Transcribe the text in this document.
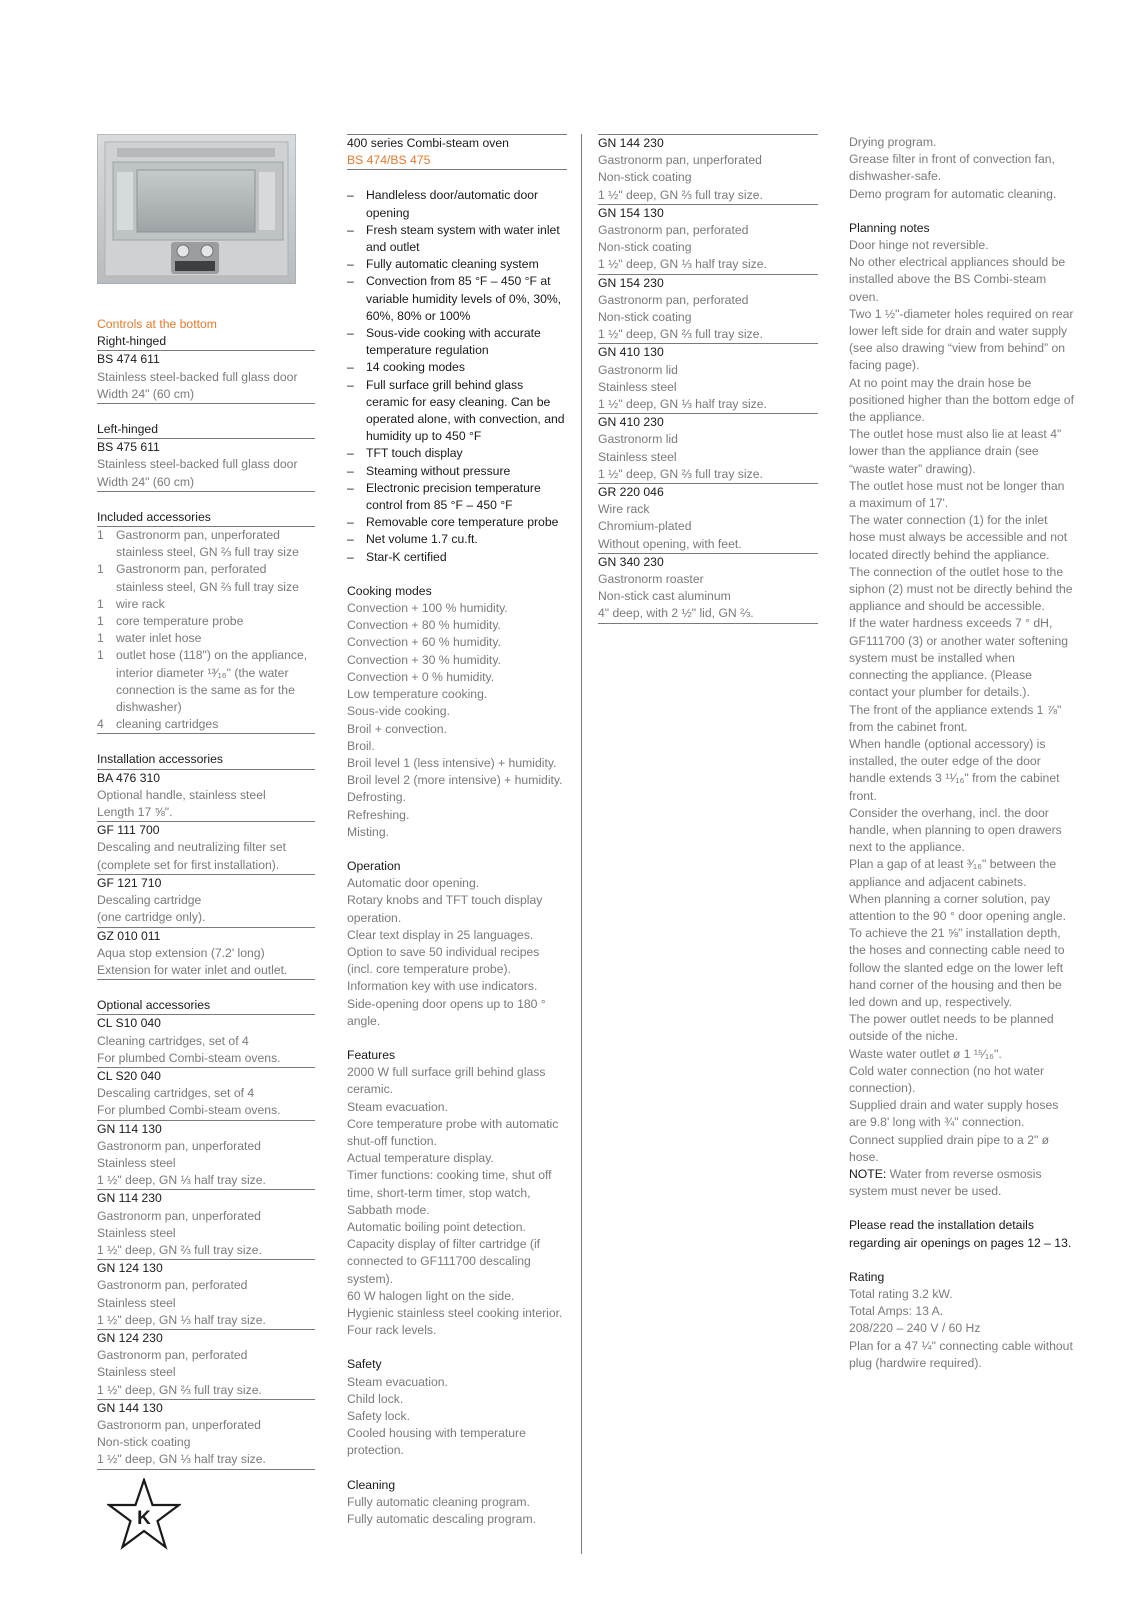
Controls at the bottom
Right-hinged
BS 474 611
Stainless steel-backed full glass door
Width 24" (60 cm)
Left-hinged
BS 475 611
Stainless steel-backed full glass door
Width 24" (60 cm)
Included accessories
1 Gastronorm pan, unperforated stainless steel, GN ⅔ full tray size
1 Gastronorm pan, perforated stainless steel, GN ⅔ full tray size
1 wire rack
1 core temperature probe
1 water inlet hose
1 outlet hose (118") on the appliance, interior diameter ¹³⁄₁₆" (the water connection is the same as for the dishwasher)
4 cleaning cartridges
Installation accessories
BA 476 310
Optional handle, stainless steel
Length 17 ⅝".
GF 111 700
Descaling and neutralizing filter set
(complete set for first installation).
GF 121 710
Descaling cartridge
(one cartridge only).
GZ 010 011
Aqua stop extension (7.2' long)
Extension for water inlet and outlet.
Optional accessories
CL S10 040
Cleaning cartridges, set of 4
For plumbed Combi-steam ovens.
CL S20 040
Descaling cartridges, set of 4
For plumbed Combi-steam ovens.
GN 114 130
Gastronorm pan, unperforated
Stainless steel
1 ½" deep, GN ⅓ half tray size.
GN 114 230
Gastronorm pan, unperforated
Stainless steel
1 ½" deep, GN ⅔ full tray size.
GN 124 130
Gastronorm pan, perforated
Stainless steel
1 ½" deep, GN ⅓ half tray size.
GN 124 230
Gastronorm pan, perforated
Stainless steel
1 ½" deep, GN ⅔ full tray size.
GN 144 130
Gastronorm pan, unperforated
Non-stick coating
1 ½" deep, GN ⅓ half tray size.
K
400 series Combi-steam oven
BS 474/BS 475
– Handleless door/automatic door opening
– Fresh steam system with water inlet and outlet
– Fully automatic cleaning system
– Convection from 85 °F – 450 °F at variable humidity levels of 0%, 30%, 60%, 80% or 100%
– Sous-vide cooking with accurate temperature regulation
– 14 cooking modes
– Full surface grill behind glass ceramic for easy cleaning. Can be operated alone, with convection, and humidity up to 450 °F
– TFT touch display
– Steaming without pressure
– Electronic precision temperature control from 85 °F – 450 °F
– Removable core temperature probe
– Net volume 1.7 cu.ft.
– Star-K certified
Cooking modes
Convection + 100 % humidity.
Convection + 80 % humidity.
Convection + 60 % humidity.
Convection + 30 % humidity.
Convection + 0 % humidity.
Low temperature cooking.
Sous-vide cooking.
Broil + convection.
Broil.
Broil level 1 (less intensive) + humidity.
Broil level 2 (more intensive) + humidity.
Defrosting.
Refreshing.
Misting.
Operation
Automatic door opening.
Rotary knobs and TFT touch display operation.
Clear text display in 25 languages.
Option to save 50 individual recipes (incl. core temperature probe).
Information key with use indicators.
Side-opening door opens up to 180 ° angle.
Features
2000 W full surface grill behind glass ceramic.
Steam evacuation.
Core temperature probe with automatic shut-off function.
Actual temperature display.
Timer functions: cooking time, shut off time, short-term timer, stop watch, Sabbath mode.
Automatic boiling point detection.
Capacity display of filter cartridge (if connected to GF111700 descaling system).
60 W halogen light on the side.
Hygienic stainless steel cooking interior.
Four rack levels.
Safety
Steam evacuation.
Child lock.
Safety lock.
Cooled housing with temperature protection.
Cleaning
Fully automatic cleaning program.
Fully automatic descaling program.
GN 144 230
Gastronorm pan, unperforated
Non-stick coating
1 ½" deep, GN ⅔ full tray size.
GN 154 130
Gastronorm pan, perforated
Non-stick coating
1 ½" deep, GN ⅓ half tray size.
GN 154 230
Gastronorm pan, perforated
Non-stick coating
1 ½" deep, GN ⅔ full tray size.
GN 410 130
Gastronorm lid
Stainless steel
1 ½" deep, GN ⅓ half tray size.
GN 410 230
Gastronorm lid
Stainless steel
1 ½" deep, GN ⅔ full tray size.
GR 220 046
Wire rack
Chromium-plated
Without opening, with feet.
GN 340 230
Gastronorm roaster
Non-stick cast aluminum
4" deep, with 2 ½" lid, GN ⅔.
Drying program.
Grease filter in front of convection fan, dishwasher-safe.
Demo program for automatic cleaning.
Planning notes
Door hinge not reversible.
No other electrical appliances should be installed above the BS Combi-steam oven.
Two 1 ½"-diameter holes required on rear lower left side for drain and water supply (see also drawing “view from behind” on facing page).
At no point may the drain hose be positioned higher than the bottom edge of the appliance.
The outlet hose must also lie at least 4" lower than the appliance drain (see “waste water” drawing).
The outlet hose must not be longer than a maximum of 17'.
The water connection (1) for the inlet hose must always be accessible and not located directly behind the appliance.
The connection of the outlet hose to the siphon (2) must not be directly behind the appliance and should be accessible.
If the water hardness exceeds 7 ° dH, GF111700 (3) or another water softening system must be installed when connecting the appliance. (Please contact your plumber for details.).
The front of the appliance extends 1 ⅞" from the cabinet front.
When handle (optional accessory) is installed, the outer edge of the door handle extends 3 ¹¹⁄₁₆" from the cabinet front.
Consider the overhang, incl. the door handle, when planning to open drawers next to the appliance.
Plan a gap of at least ³⁄₁₆" between the appliance and adjacent cabinets.
When planning a corner solution, pay attention to the 90 ° door opening angle.
To achieve the 21 ⅝" installation depth, the hoses and connecting cable need to follow the slanted edge on the lower left hand corner of the housing and then be led down and up, respectively.
The power outlet needs to be planned outside of the niche.
Waste water outlet ø 1 ¹⁵⁄₁₆".
Cold water connection (no hot water connection).
Supplied drain and water supply hoses are 9.8' long with ¾" connection.
Connect supplied drain pipe to a 2" ø hose.
NOTE: Water from reverse osmosis system must never be used.
Please read the installation details regarding air openings on pages 12 – 13.
Rating
Total rating 3.2 kW.
Total Amps: 13 A.
208/220 – 240 V / 60 Hz
Plan for a 47 ¼" connecting cable without plug (hardwire required).
